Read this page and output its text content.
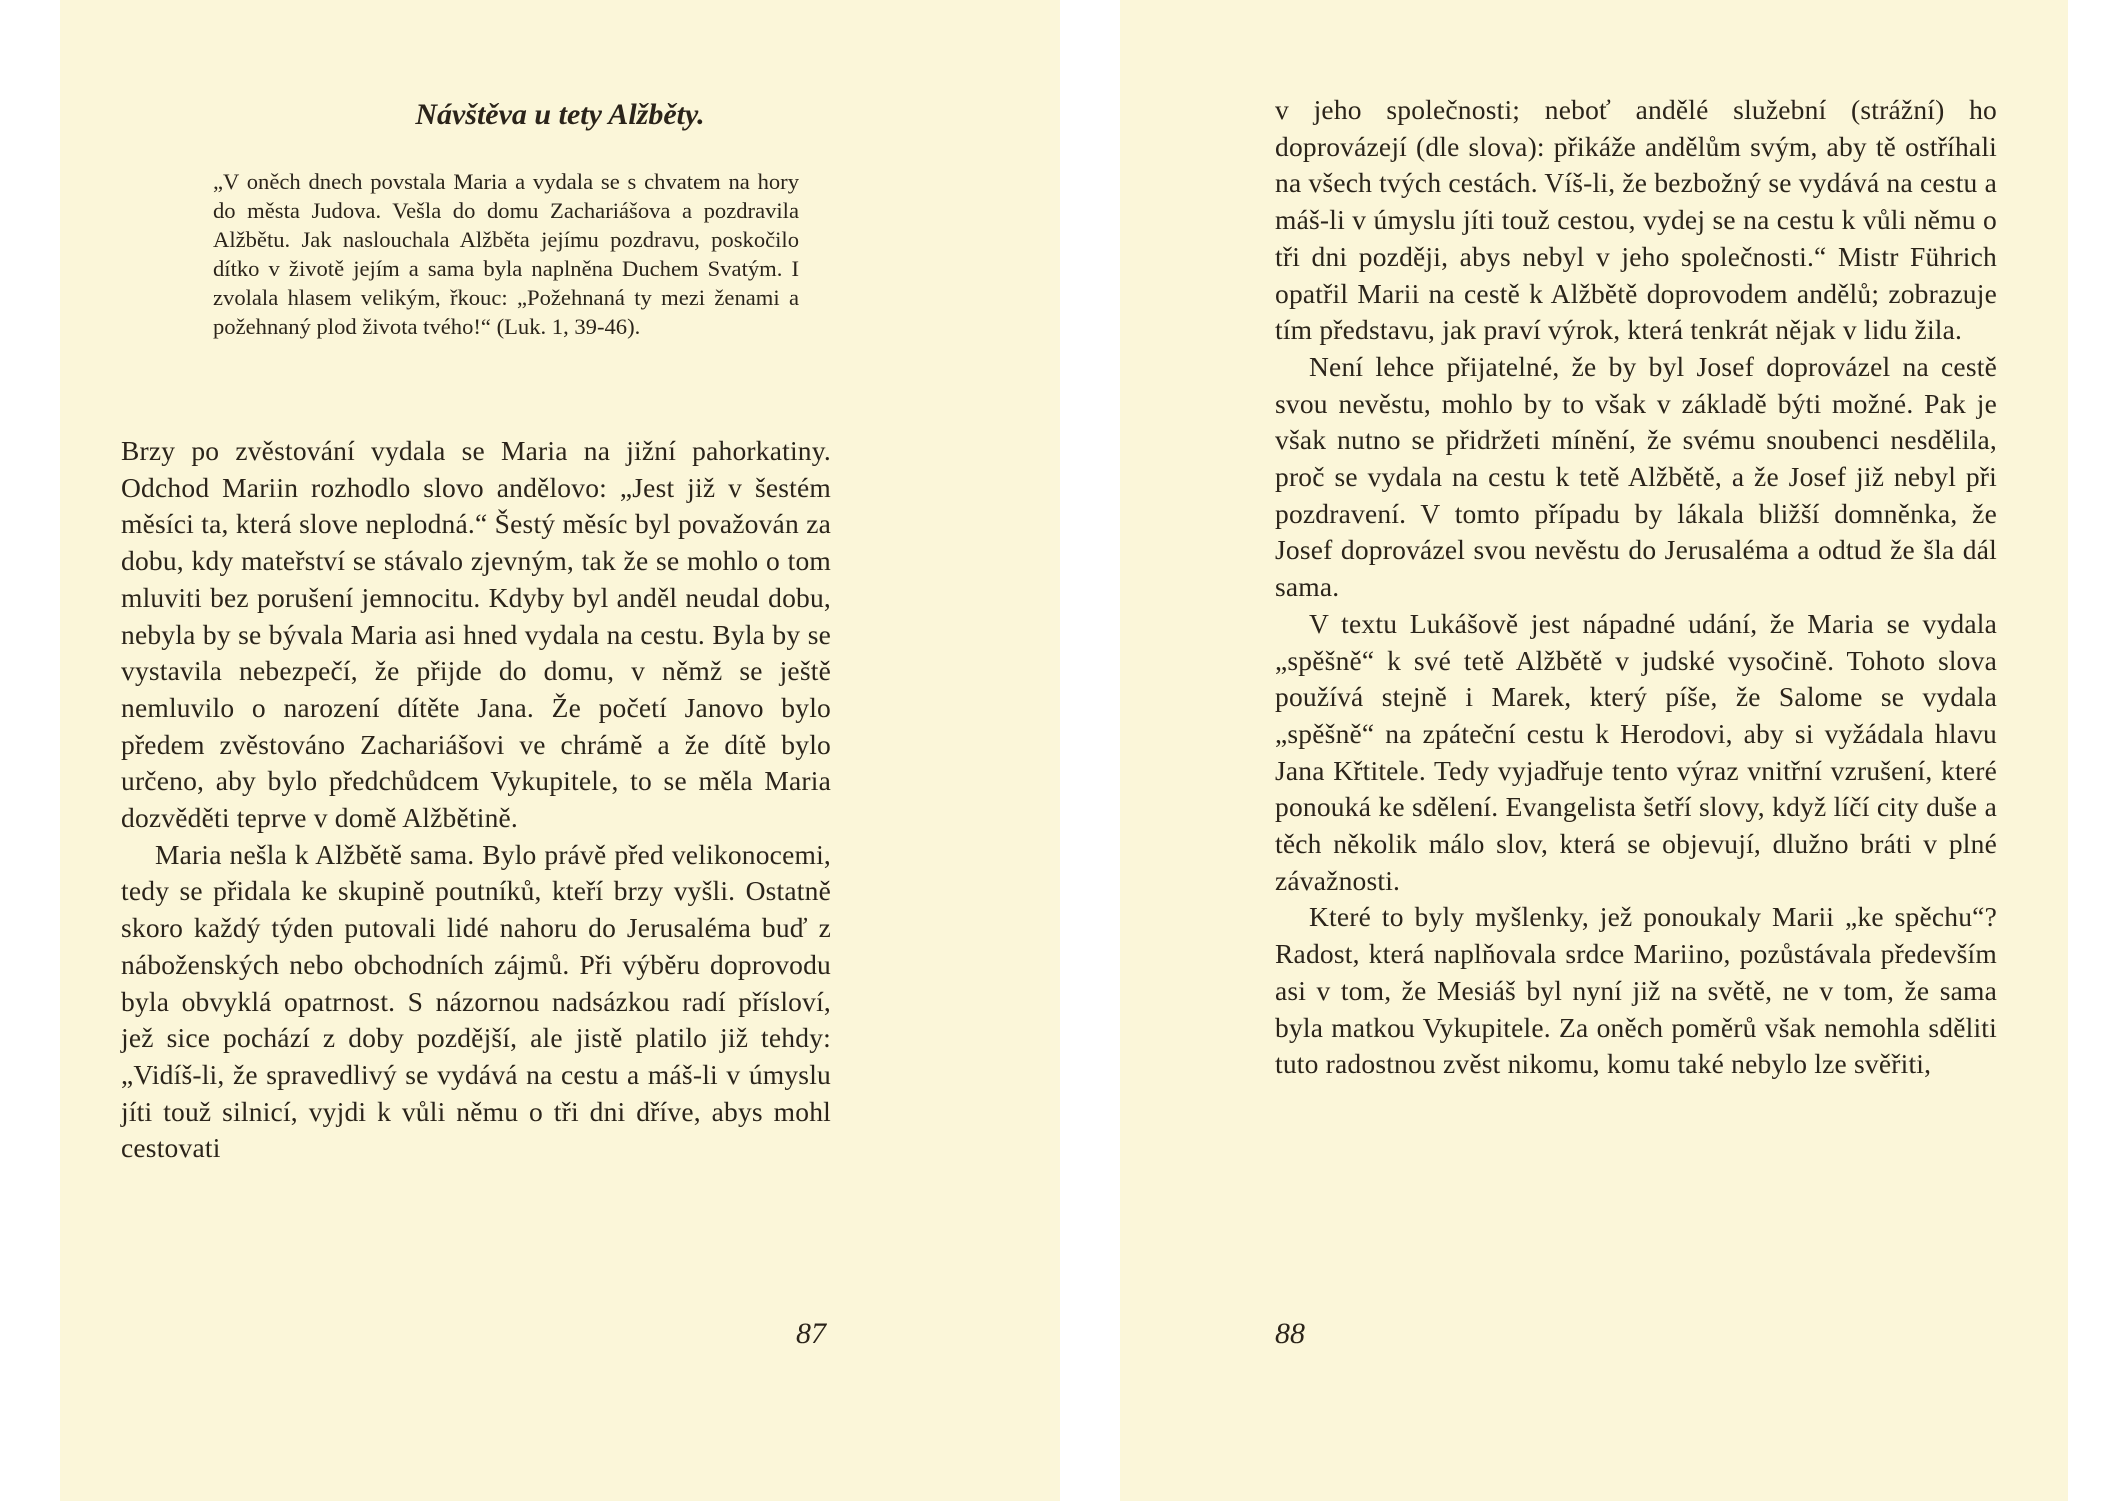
Návštěva u tety Alžběty.

„V oněch dnech povstala Maria a vydala se s chvatem na hory do města Judova. Vešla do domu Zachariášova a pozdravila Alžbětu. Jak naslouchala Alžběta jejímu pozdravu, poskočilo dítko v životě jejím a sama byla naplněna Duchem Svatým. I zvolala hlasem velikým, řkouc: „Požehnaná ty mezi ženami a požehnaný plod života tvého!“ (Luk. 1, 39-46).

Brzy po zvěstování vydala se Maria na jižní pahorkatiny. Odchod Mariin rozhodlo slovo andělovo: „Jest již v šestém měsíci ta, která slove neplodná.“ Šestý měsíc byl považován za dobu, kdy mateřství se stávalo zjevným, tak že se mohlo o tom mluviti bez porušení jemnocitu. Kdyby byl anděl neudal dobu, nebyla by se bývala Maria asi hned vydala na cestu. Byla by se vystavila nebezpečí, že přijde do domu, v němž se ještě nemluvilo o narození dítěte Jana. Že početí Janovo bylo předem zvěstováno Zachariášovi ve chrámě a že dítě bylo určeno, aby bylo předchůdcem Vykupitele, to se měla Maria dozvěděti teprve v domě Alžbětině.

Maria nešla k Alžbětě sama. Bylo právě před velikonocemi, tedy se přidala ke skupině poutníků, kteří brzy vyšli. Ostatně skoro každý týden putovali lidé nahoru do Jerusaléma buď z náboženských nebo obchodních zájmů. Při výběru doprovodu byla obvyklá opatrnost. S názornou nadsázkou radí přísloví, jež sice pochází z doby pozdější, ale jistě platilo již tehdy: „Vidíš-li, že spravedlivý se vydává na cestu a máš-li v úmyslu jíti touž silnicí, vyjdi k vůli němu o tři dni dříve, abys mohl cestovati

87

v jeho společnosti; neboť andělé služební (strážní) ho doprovázejí (dle slova): přikáže andělům svým, aby tě ostříhali na všech tvých cestách. Víš-li, že bezbožný se vydává na cestu a máš-li v úmyslu jíti touž cestou, vydej se na cestu k vůli němu o tři dni později, abys nebyl v jeho společnosti.“ Mistr Führich opatřil Marii na cestě k Alžbětě doprovodem andělů; zobrazuje tím představu, jak praví výrok, která tenkrát nějak v lidu žila.

Není lehce přijatelné, že by byl Josef doprovázel na cestě svou nevěstu, mohlo by to však v základě býti možné. Pak je však nutno se přidržeti mínění, že svému snoubenci nesdělila, proč se vydala na cestu k tetě Alžbětě, a že Josef již nebyl při pozdravení. V tomto případu by lákala bližší domněnka, že Josef doprovázel svou nevěstu do Jerusaléma a odtud že šla dál sama.

V textu Lukášově jest nápadné udání, že Maria se vydala „spěšně“ k své tetě Alžbětě v judské vysočině. Tohoto slova používá stejně i Marek, který píše, že Salome se vydala „spěšně“ na zpáteční cestu k Herodovi, aby si vyžádala hlavu Jana Křtitele. Tedy vyjadřuje tento výraz vnitřní vzrušení, které ponouká ke sdělení. Evangelista šetří slovy, když líčí city duše a těch několik málo slov, která se objevují, dlužno bráti v plné závažnosti.

Které to byly myšlenky, jež ponoukaly Marii „ke spěchu“? Radost, která naplňovala srdce Mariino, pozůstávala především asi v tom, že Mesiáš byl nyní již na světě, ne v tom, že sama byla matkou Vykupitele. Za oněch poměrů však nemohla sděliti tuto radostnou zvěst nikomu, komu také nebylo lze svěřiti,

88
